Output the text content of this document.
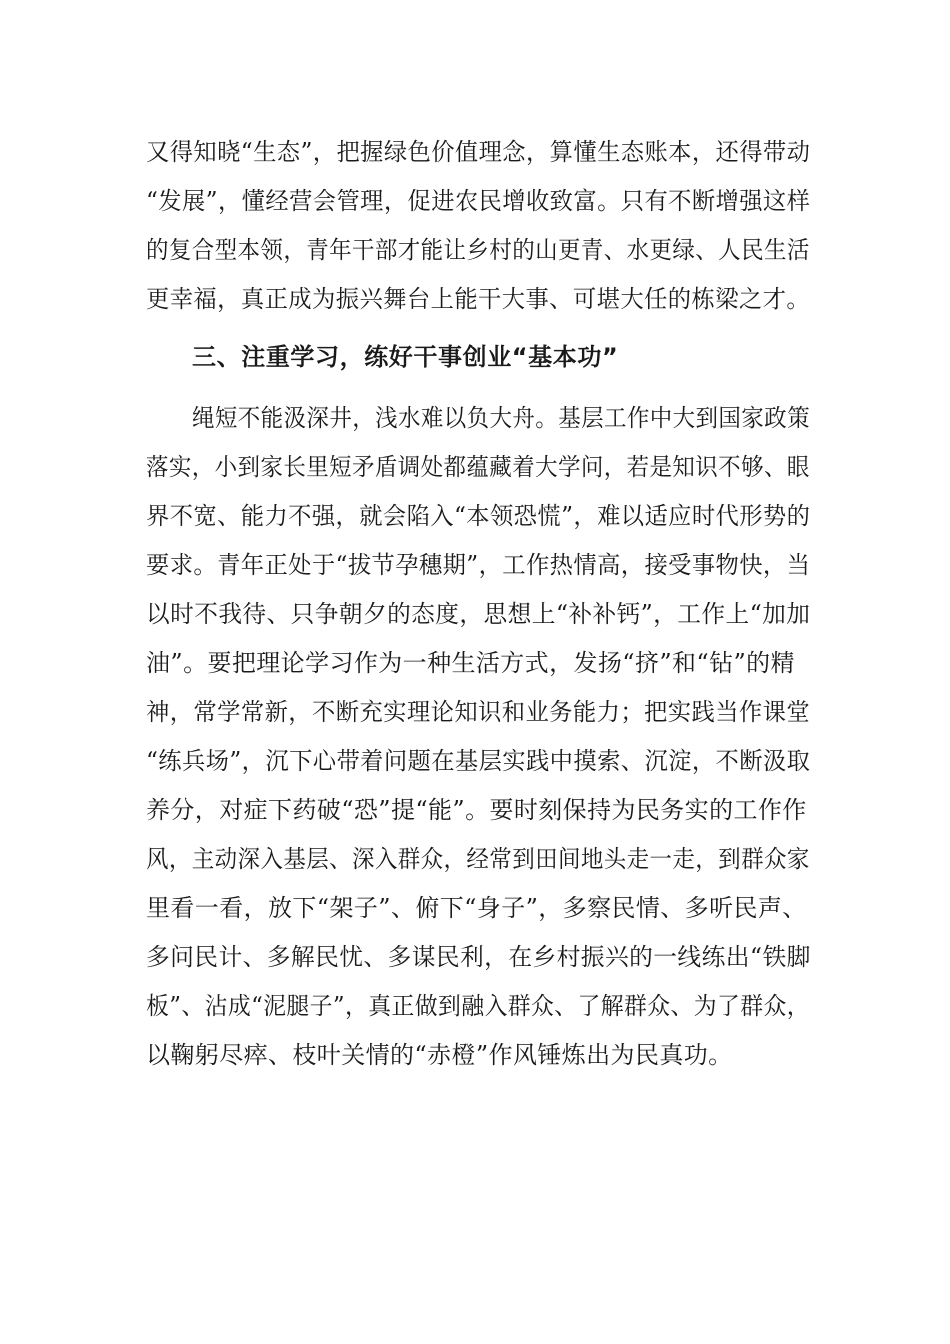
又得知晓“生态”，把握绿色价值理念，算懂生态账本，还得带动
“发展”，懂经营会管理，促进农民增收致富。只有不断增强这样
的复合型本领，青年干部才能让乡村的山更青、水更绿、人民生活
更幸福，真正成为振兴舞台上能干大事、可堪大任的栋梁之才。
三、注重学习，练好干事创业“基本功”
绳短不能汲深井，浅水难以负大舟。基层工作中大到国家政策
落实，小到家长里短矛盾调处都蕴藏着大学问，若是知识不够、眼
界不宽、能力不强，就会陷入“本领恐慌”，难以适应时代形势的
要求。青年正处于“拔节孕穗期”，工作热情高，接受事物快，当
以时不我待、只争朝夕的态度，思想上“补补钙”，工作上“加加
油”。要把理论学习作为一种生活方式，发扬“挤”和“钻”的精
神，常学常新，不断充实理论知识和业务能力；把实践当作课堂
“练兵场”，沉下心带着问题在基层实践中摸索、沉淀，不断汲取
养分，对症下药破“恐”提“能”。要时刻保持为民务实的工作作
风，主动深入基层、深入群众，经常到田间地头走一走，到群众家
里看一看，放下“架子”、俯下“身子”，多察民情、多听民声、
多问民计、多解民忧、多谋民利，在乡村振兴的一线练出“铁脚
板”、沾成“泥腿子”，真正做到融入群众、了解群众、为了群众，
以鞠躬尽瘁、枝叶关情的“赤橙”作风锤炼出为民真功。
